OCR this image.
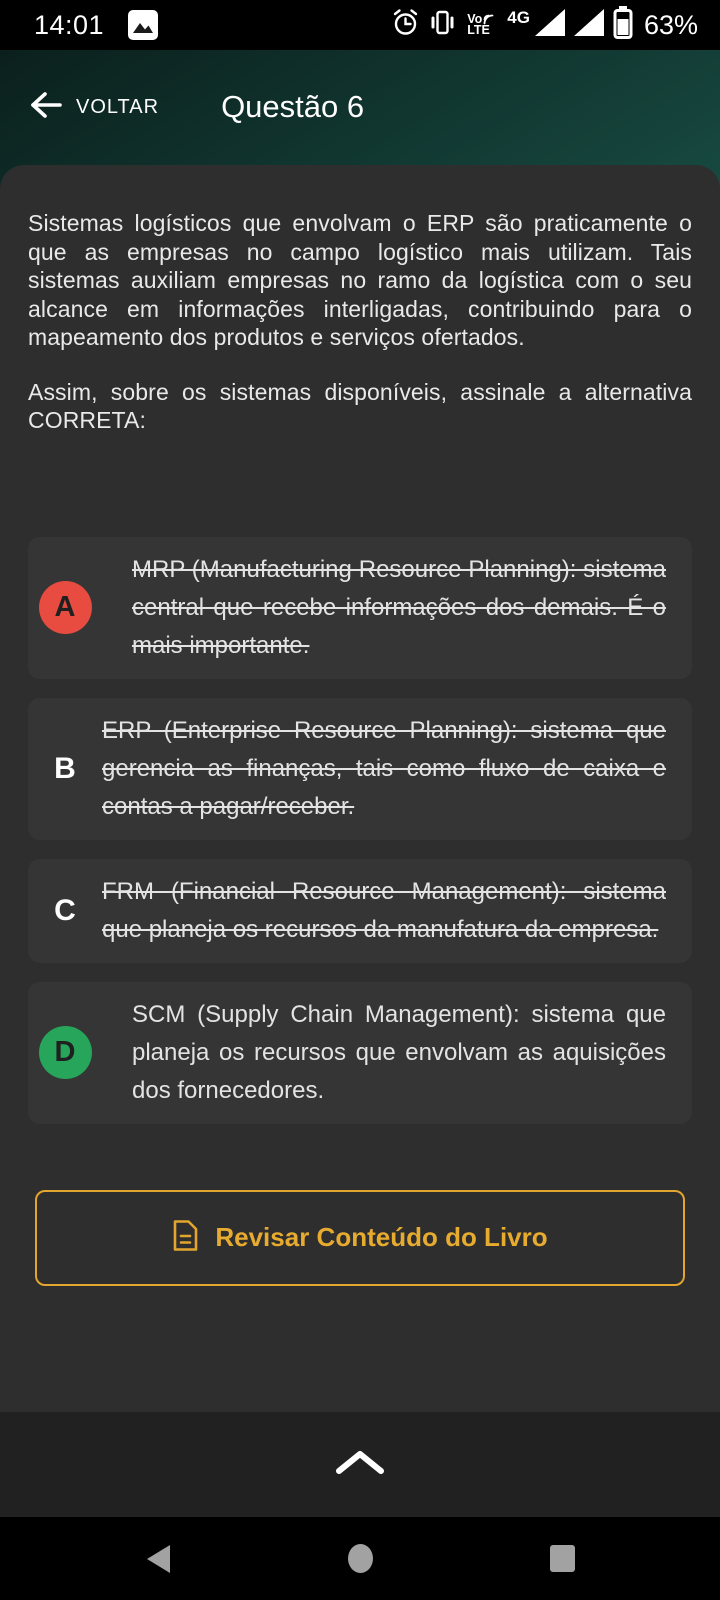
14:01	Vo
LTE
4G	63%
VOLTAR Questão 6

Sistemas logísticos que envolvam o ERP são praticamente o que as empresas no campo logístico mais utilizam. Tais sistemas auxiliam empresas no ramo da logística com o seu alcance em informações interligadas, contribuindo para o mapeamento dos produtos e serviços ofertados.

Assim, sobre os sistemas disponíveis, assinale a alternativa CORRETA:

A
MRP (Manufacturing Resource Planning): sistema central que recebe informações dos demais. É o mais importante.
B
ERP (Enterprise Resource Planning): sistema que gerencia as finanças, tais como fluxo de caixa e contas a pagar/receber.
C
FRM (Financial Resource Management): sistema que planeja os recursos da manufatura da empresa.
D
SCM (Supply Chain Management): sistema que planeja os recursos que envolvam as aquisições dos fornecedores.
Revisar Conteúdo do Livro
